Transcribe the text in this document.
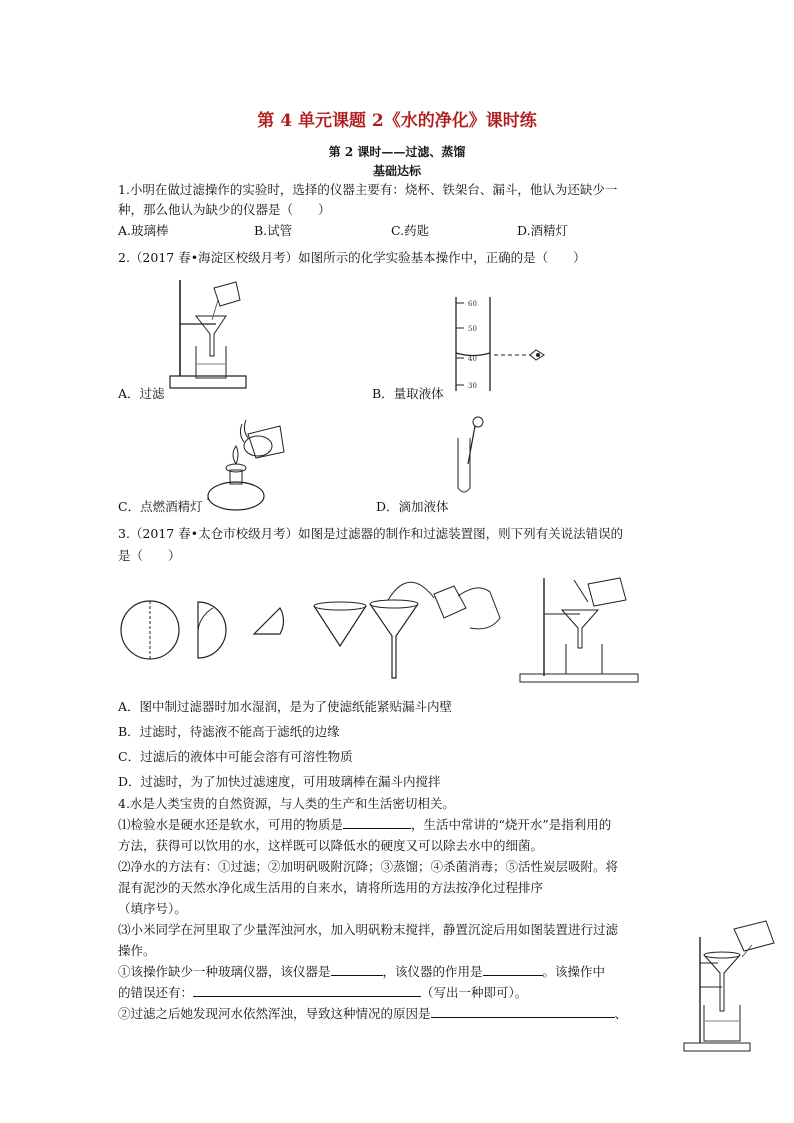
第 4 单元课题 2《水的净化》课时练
第 2 课时——过滤、蒸馏
基础达标
1.小明在做过滤操作的实验时，选择的仪器主要有：烧杯、铁架台、漏斗，他认为还缺少一
种，那么他认为缺少的仪器是（　　）
A.玻璃棒	B.试管	C.药匙	D.酒精灯
2.（2017 春•海淀区校级月考）如图所示的化学实验基本操作中，正确的是（　　）
A．过滤
60
50
40
30
B．量取液体
C．点燃酒精灯	D．滴加液体
3.（2017 春•太仓市校级月考）如图是过滤器的制作和过滤装置图，则下列有关说法错误的
是（　　）
A．图中制过滤器时加水湿润，是为了使滤纸能紧贴漏斗内壁
B．过滤时，待滤液不能高于滤纸的边缘
C．过滤后的液体中可能会溶有可溶性物质
D．过滤时，为了加快过滤速度，可用玻璃棒在漏斗内搅拌
4.水是人类宝贵的自然资源，与人类的生产和生活密切相关。
⑴检验水是硬水还是软水，可用的物质是	，生活中常讲的“烧开水”是指利用的
方法，获得可以饮用的水，这样既可以降低水的硬度又可以除去水中的细菌。
⑵净水的方法有：①过滤；②加明矾吸附沉降；③蒸馏；④杀菌消毒；⑤活性炭层吸附。将
混有泥沙的天然水净化成生活用的自来水，请将所选用的方法按净化过程排序
（填序号）。
⑶小米同学在河里取了少量浑浊河水，加入明矾粉末搅拌，静置沉淀后用如图装置进行过滤
操作。
①该操作缺少一种玻璃仪器，该仪器是	，该仪器的作用是	。该操作中
的错误还有：	（写出一种即可）。
②过滤之后她发现河水依然浑浊，导致这种情况的原因是	、
